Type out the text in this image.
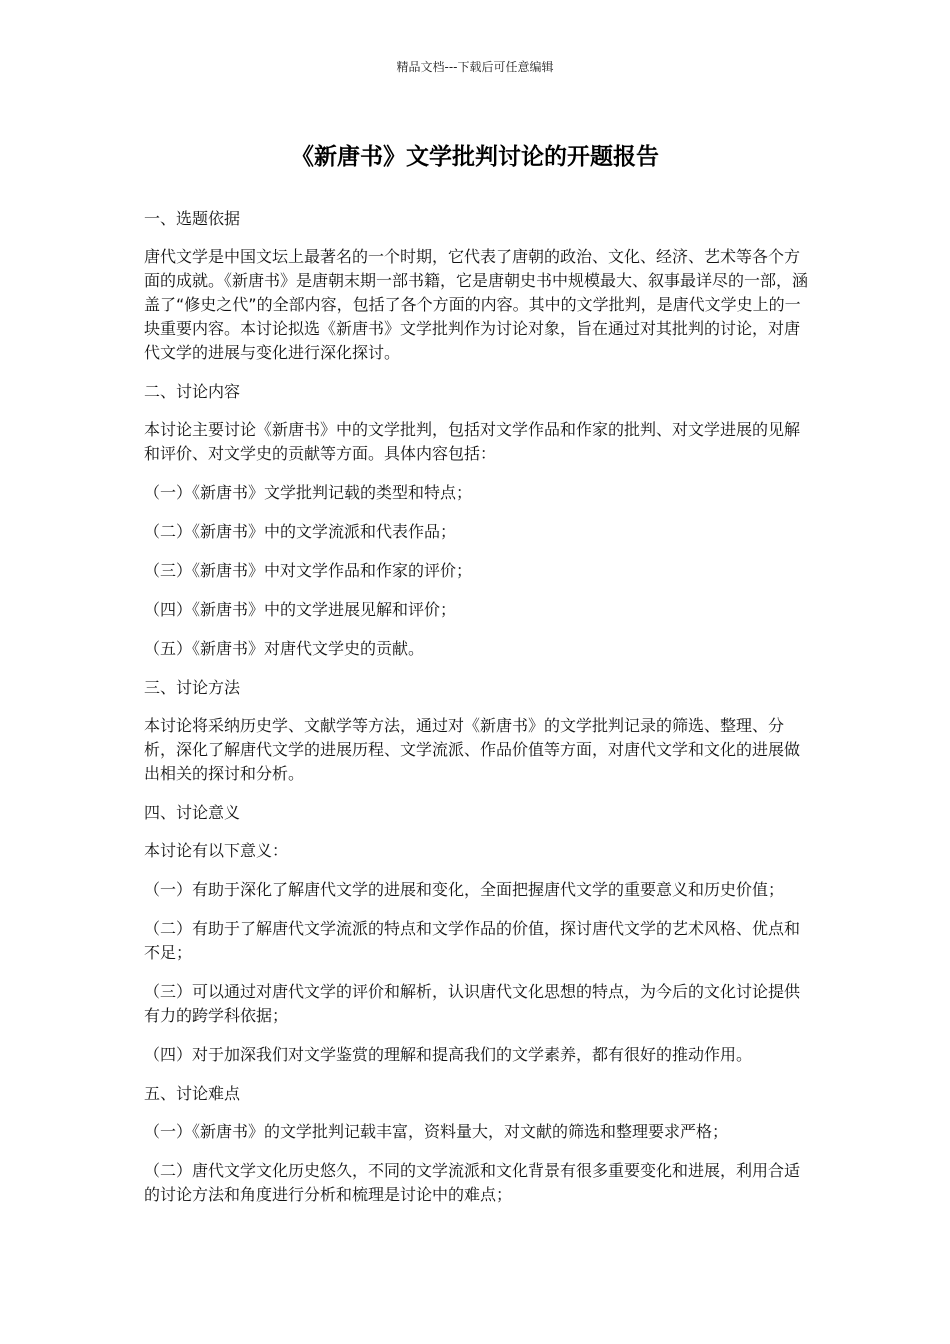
精品文档---下载后可任意编辑
《新唐书》文学批判讨论的开题报告

一、选题依据

唐代文学是中国文坛上最著名的一个时期，它代表了唐朝的政治、文化、经济、艺术等各个方面的成就。《新唐书》是唐朝末期一部书籍，它是唐朝史书中规模最大、叙事最详尽的一部，涵盖了“修史之代”的全部内容，包括了各个方面的内容。其中的文学批判，是唐代文学史上的一块重要内容。本讨论拟选《新唐书》文学批判作为讨论对象，旨在通过对其批判的讨论，对唐代文学的进展与变化进行深化探讨。

二、讨论内容

本讨论主要讨论《新唐书》中的文学批判，包括对文学作品和作家的批判、对文学进展的见解和评价、对文学史的贡献等方面。具体内容包括：

（一）《新唐书》文学批判记载的类型和特点；

（二）《新唐书》中的文学流派和代表作品；

（三）《新唐书》中对文学作品和作家的评价；

（四）《新唐书》中的文学进展见解和评价；

（五）《新唐书》对唐代文学史的贡献。

三、讨论方法

本讨论将采纳历史学、文献学等方法，通过对《新唐书》的文学批判记录的筛选、整理、分析，深化了解唐代文学的进展历程、文学流派、作品价值等方面，对唐代文学和文化的进展做出相关的探讨和分析。

四、讨论意义

本讨论有以下意义：

（一）有助于深化了解唐代文学的进展和变化，全面把握唐代文学的重要意义和历史价值；

（二）有助于了解唐代文学流派的特点和文学作品的价值，探讨唐代文学的艺术风格、优点和不足；

（三）可以通过对唐代文学的评价和解析，认识唐代文化思想的特点，为今后的文化讨论提供有力的跨学科依据；

（四）对于加深我们对文学鉴赏的理解和提高我们的文学素养，都有很好的推动作用。

五、讨论难点

（一）《新唐书》的文学批判记载丰富，资料量大，对文献的筛选和整理要求严格；

（二）唐代文学文化历史悠久，不同的文学流派和文化背景有很多重要变化和进展，利用合适的讨论方法和角度进行分析和梳理是讨论中的难点；
